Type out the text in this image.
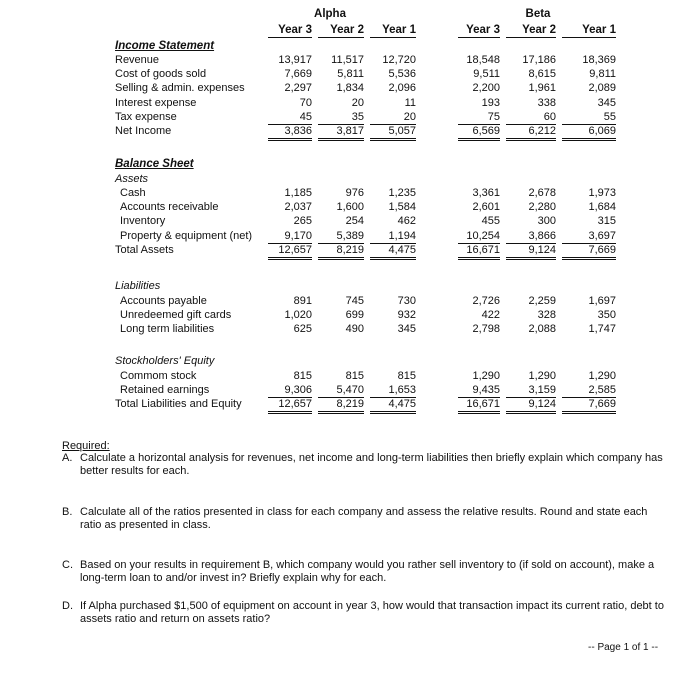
Alpha	Beta
Year 3	Year 2	Year 1	Year 3	Year 2	Year 1
Income Statement
Revenue	13,917	11,517	12,720	18,548	17,186	18,369
Cost of goods sold	7,669	5,811	5,536	9,511	8,615	9,811
Selling & admin. expenses	2,297	1,834	2,096	2,200	1,961	2,089
Interest expense	70	20	11	193	338	345
Tax expense	45	35	20	75	60	55
Net Income	3,836	3,817	5,057	6,569	6,212	6,069
Balance Sheet
Assets
Cash	1,185	976	1,235	3,361	2,678	1,973
Accounts receivable	2,037	1,600	1,584	2,601	2,280	1,684
Inventory	265	254	462	455	300	315
Property & equipment (net)	9,170	5,389	1,194	10,254	3,866	3,697
Total Assets	12,657	8,219	4,475	16,671	9,124	7,669
Liabilities
Accounts payable	891	745	730	2,726	2,259	1,697
Unredeemed gift cards	1,020	699	932	422	328	350
Long term liabilities	625	490	345	2,798	2,088	1,747
Stockholders' Equity
Commom stock	815	815	815	1,290	1,290	1,290
Retained earnings	9,306	5,470	1,653	9,435	3,159	2,585
Total Liabilities and Equity	12,657	8,219	4,475	16,671	9,124	7,669
Required:
A. Calculate a horizontal analysis for revenues, net income and long-term liabilities then briefly explain which company has better results for each.
B. Calculate all of the ratios presented in class for each company and assess the relative results. Round and state each ratio as presented in class.
C. Based on your results in requirement B, which company would you rather sell inventory to (if sold on account), make a long-term loan to and/or invest in? Briefly explain why for each.
D. If Alpha purchased $1,500 of equipment on account in year 3, how would that transaction impact its current ratio, debt to assets ratio and return on assets ratio?
-- Page 1 of 1 --
